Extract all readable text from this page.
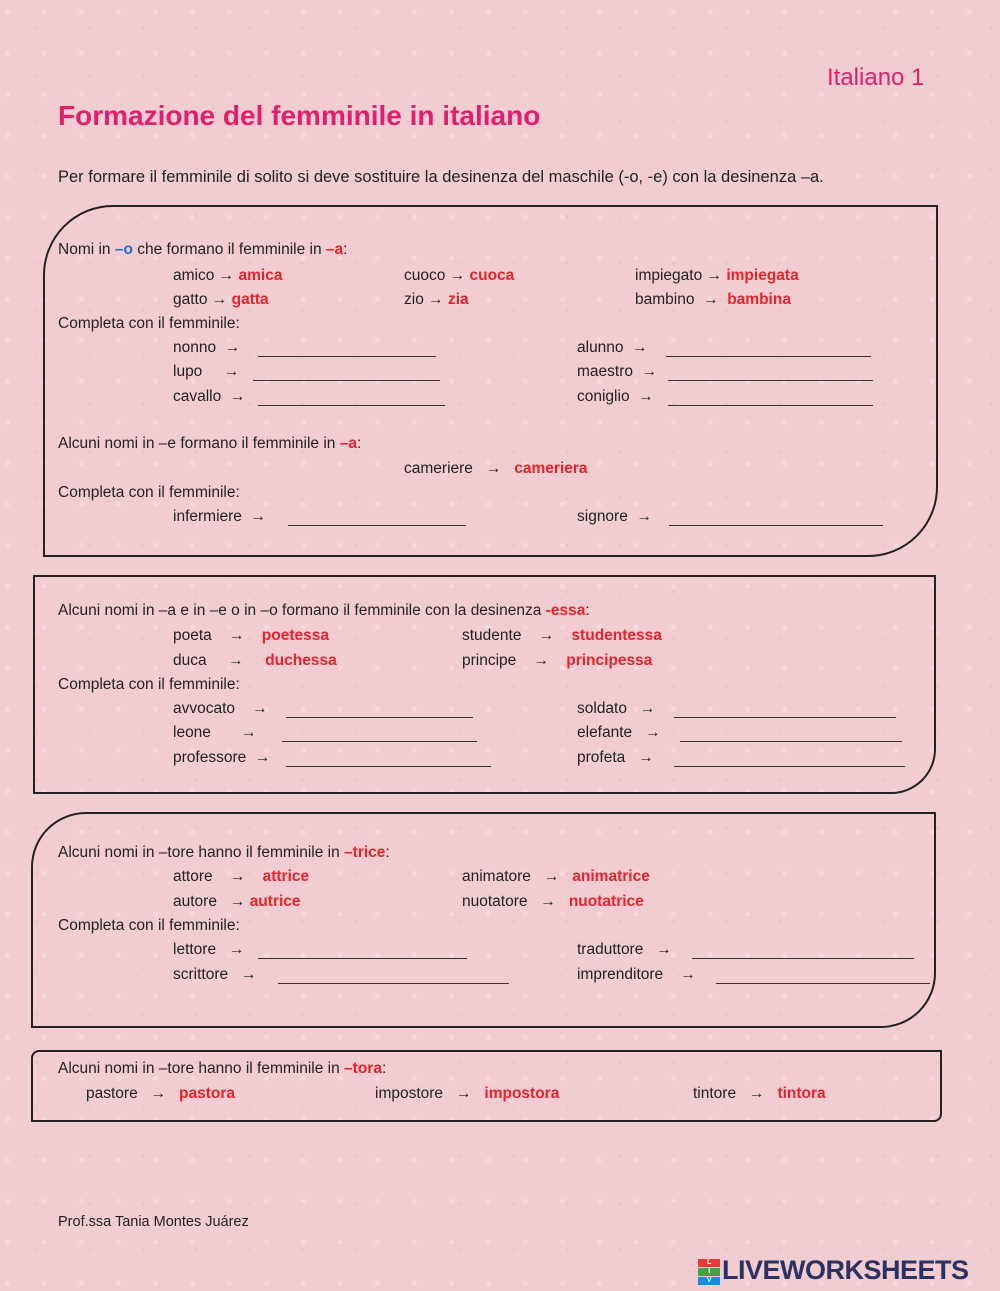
Italiano 1
Formazione del femminile in italiano
Per formare il femminile di solito si deve sostituire la desinenza del maschile (-o, -e) con la desinenza –a.
Nomi in –o che formano il femminile in –a:
amico → amica	cuoco → cuoca	impiegato → impiegata
gatto → gatta	zio → zia	bambino → bambina
Completa con il femminile:
nonno →	alunno →
lupo →	maestro →
cavallo →	coniglio →
Alcuni nomi in –e formano il femminile in –a:
cameriere → cameriera
Completa con il femminile:
infermiere →	signore →
Alcuni nomi in –a e in –e o in –o formano il femminile con la desinenza -essa:
poeta → poetessa	studente → studentessa
duca → duchessa	principe → principessa
Completa con il femminile:
avvocato →	soldato →
leone →	elefante →
professore →	profeta →
Alcuni nomi in –tore hanno il femminile in –trice:
attore → attrice	animatore → animatrice
autore → autrice	nuotatore → nuotatrice
Completa con il femminile:
lettore →	traduttore →
scrittore →	imprenditore →
Alcuni nomi in –tore hanno il femminile in –tora:
pastore → pastora	impostore → impostora	tintore → tintora
Prof.ssa Tania Montes Juárez
L
I
V LIVEWORKSHEETS
